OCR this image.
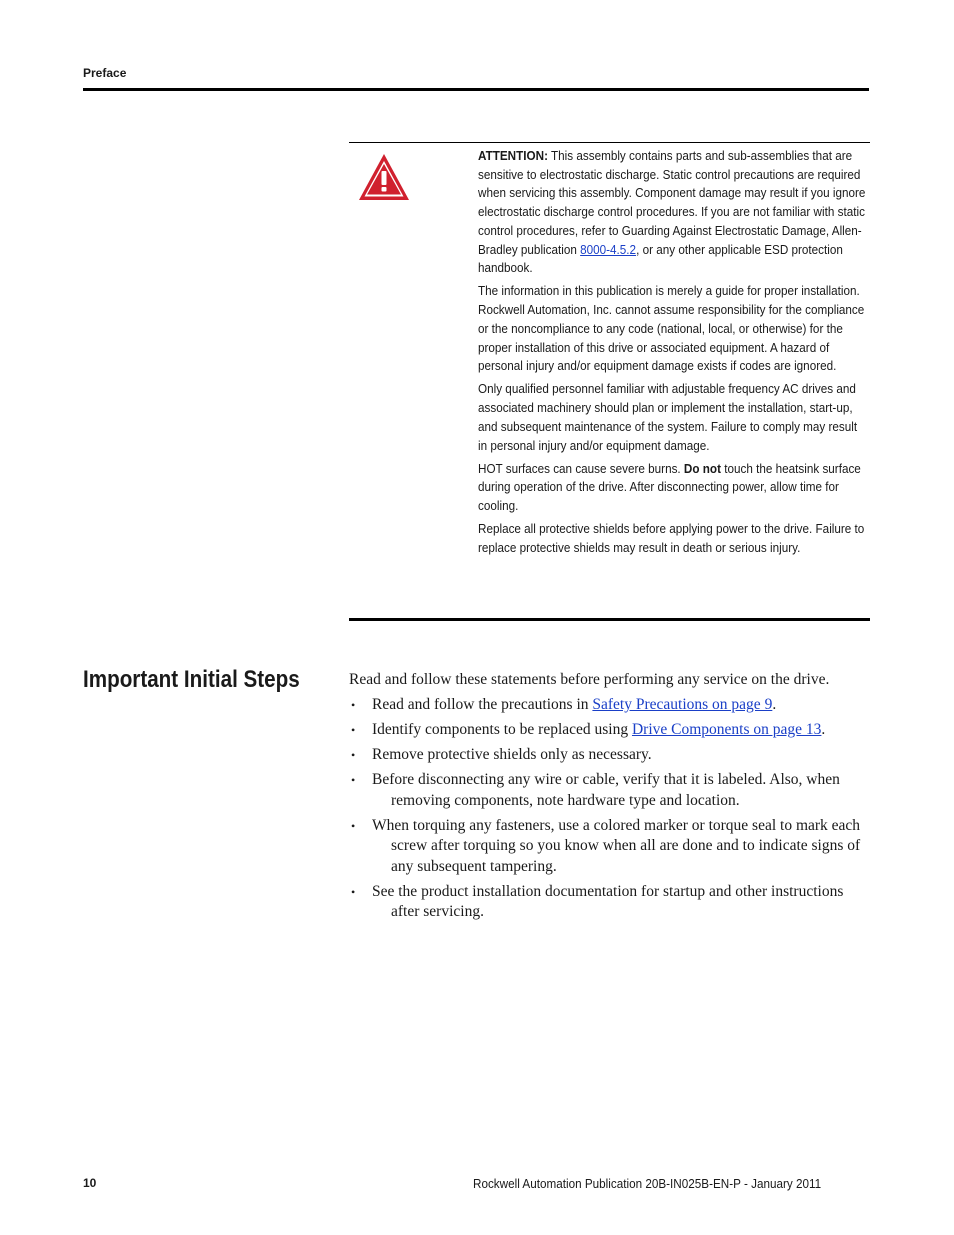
Preface

ATTENTION: This assembly contains parts and sub-assemblies that are sensitive to electrostatic discharge. Static control precautions are required when servicing this assembly. Component damage may result if you ignore electrostatic discharge control procedures. If you are not familiar with static control procedures, refer to Guarding Against Electrostatic Damage, Allen-Bradley publication 8000-4.5.2, or any other applicable ESD protection handbook.

The information in this publication is merely a guide for proper installation. Rockwell Automation, Inc. cannot assume responsibility for the compliance or the noncompliance to any code (national, local, or otherwise) for the proper installation of this drive or associated equipment. A hazard of personal injury and/or equipment damage exists if codes are ignored.

Only qualified personnel familiar with adjustable frequency AC drives and associated machinery should plan or implement the installation, start-up, and subsequent maintenance of the system. Failure to comply may result in personal injury and/or equipment damage.

HOT surfaces can cause severe burns. Do not touch the heatsink surface during operation of the drive. After disconnecting power, allow time for cooling.

Replace all protective shields before applying power to the drive. Failure to replace protective shields may result in death or serious injury.

Important Initial Steps	Read and follow these statements before performing any service on the drive.

• Read and follow the precautions in Safety Precautions on page 9.
• Identify components to be replaced using Drive Components on page 13.
• Remove protective shields only as necessary.
• Before disconnecting any wire or cable, verify that it is labeled. Also, when removing components, note hardware type and location.
• When torquing any fasteners, use a colored marker or torque seal to mark each screw after torquing so you know when all are done and to indicate signs of any subsequent tampering.
• See the product installation documentation for startup and other instructions after servicing.
10	Rockwell Automation Publication 20B-IN025B-EN-P - January 2011
